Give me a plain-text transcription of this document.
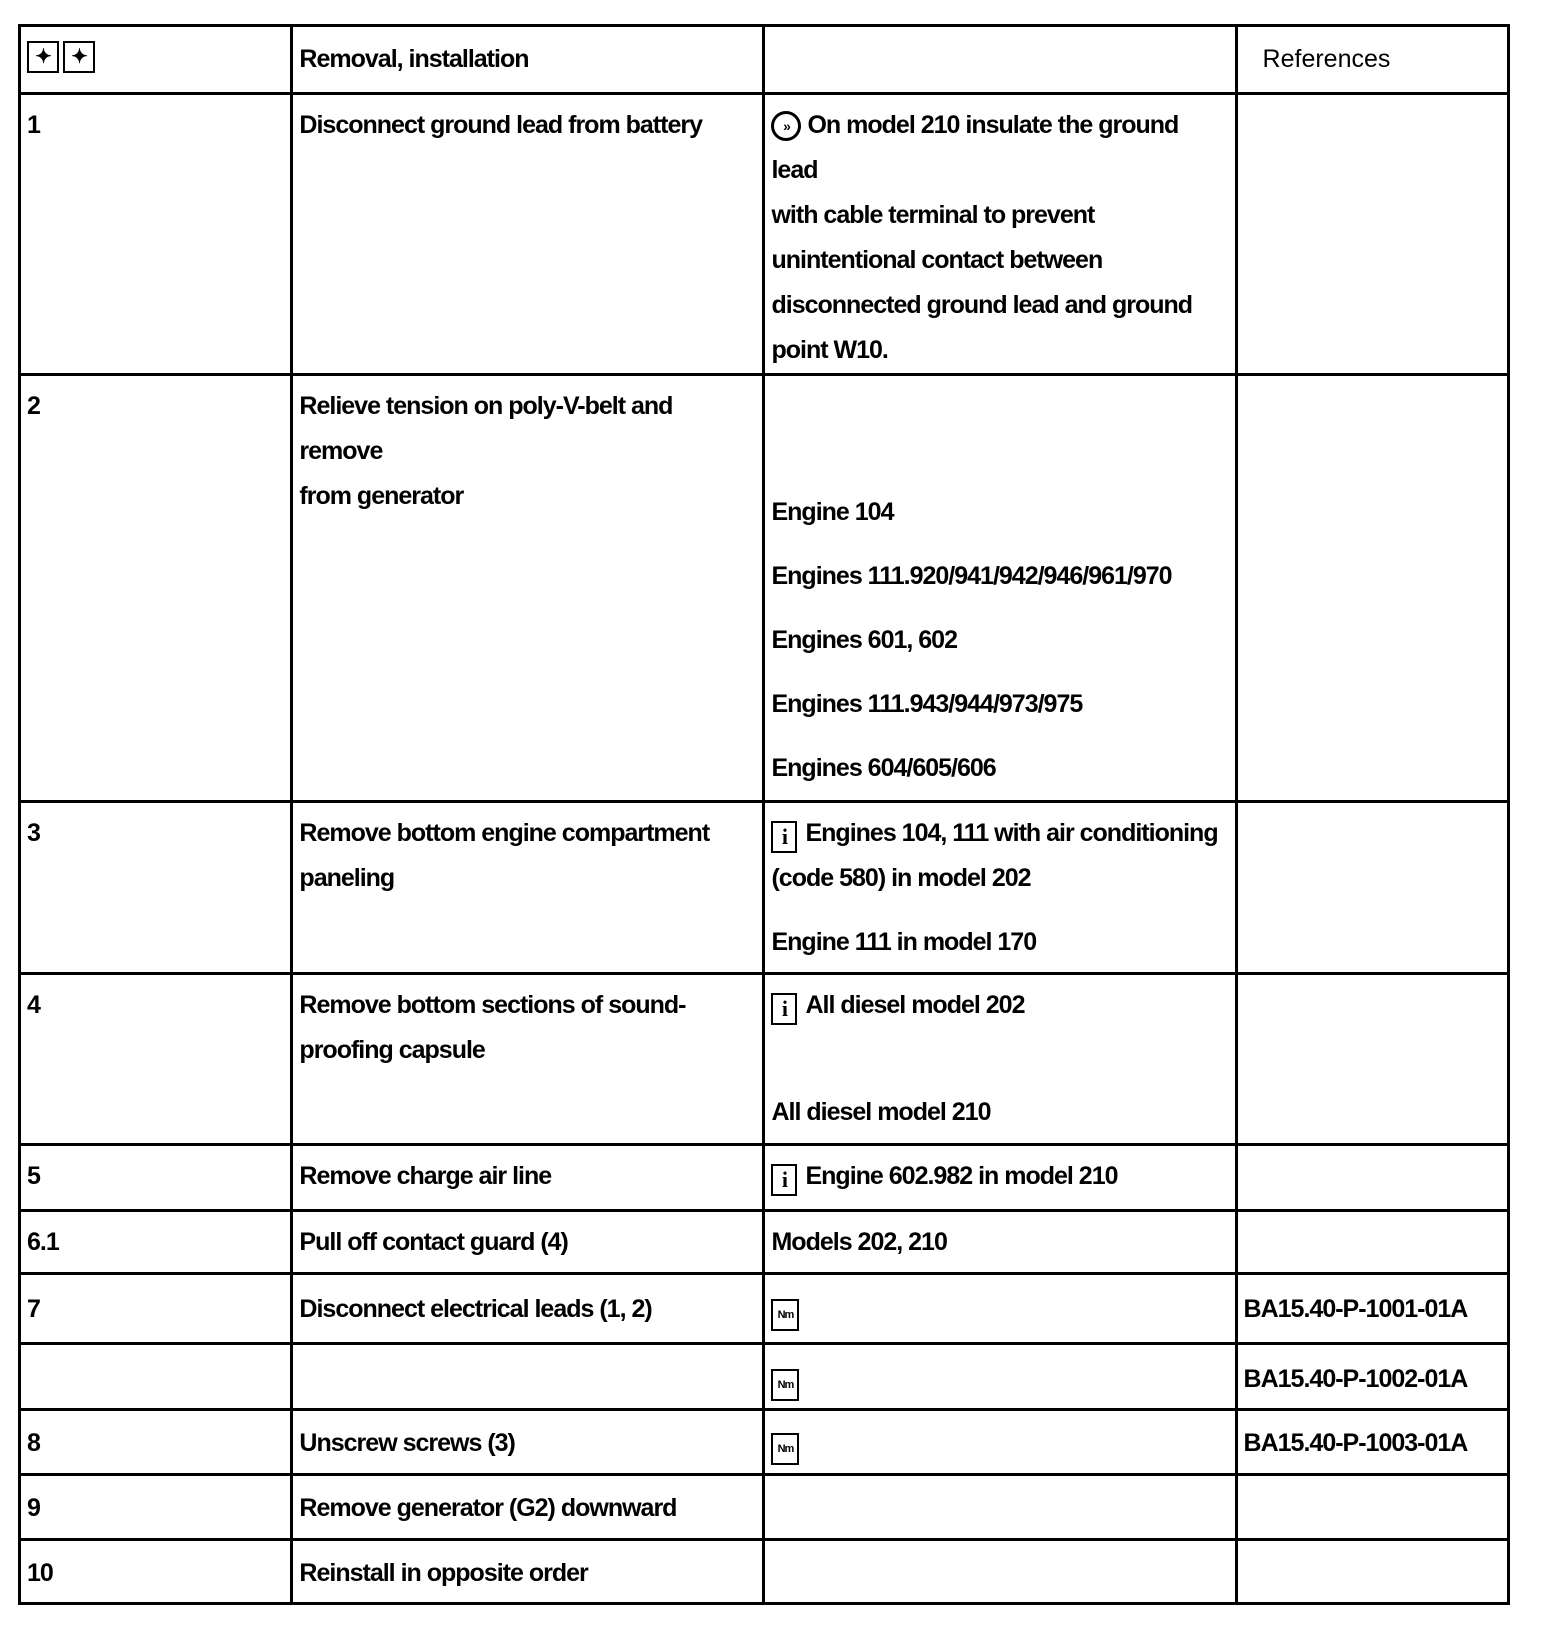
✦✦	Removal, installation		References
1	Disconnect ground lead from battery	» On model 210 insulate the ground lead
with cable terminal to prevent
unintentional contact between
disconnected ground lead and ground
point W10.	

2	Relieve tension on poly-V-belt and remove
from generator	Engine 104
Engines 111.920/941/942/946/961/970
Engines 601, 602
Engines 111.943/944/973/975
Engines 604/605/606	

3	Remove bottom engine compartment
paneling	i Engines 104, 111 with air conditioning
(code 580) in model 202
Engine 111 in model 170	

4	Remove bottom sections of sound-
proofing capsule	i All diesel model 202
All diesel model 210	

5	Remove charge air line	i Engine 602.982 in model 210	
6.1	Pull off contact guard (4)	Models 202, 210	
7	Disconnect electrical leads (1, 2)	Nm	BA15.40-P-1001-01A
		Nm	BA15.40-P-1002-01A
8	Unscrew screws (3)	Nm	BA15.40-P-1003-01A
9	Remove generator (G2) downward		
10	Reinstall in opposite order		
